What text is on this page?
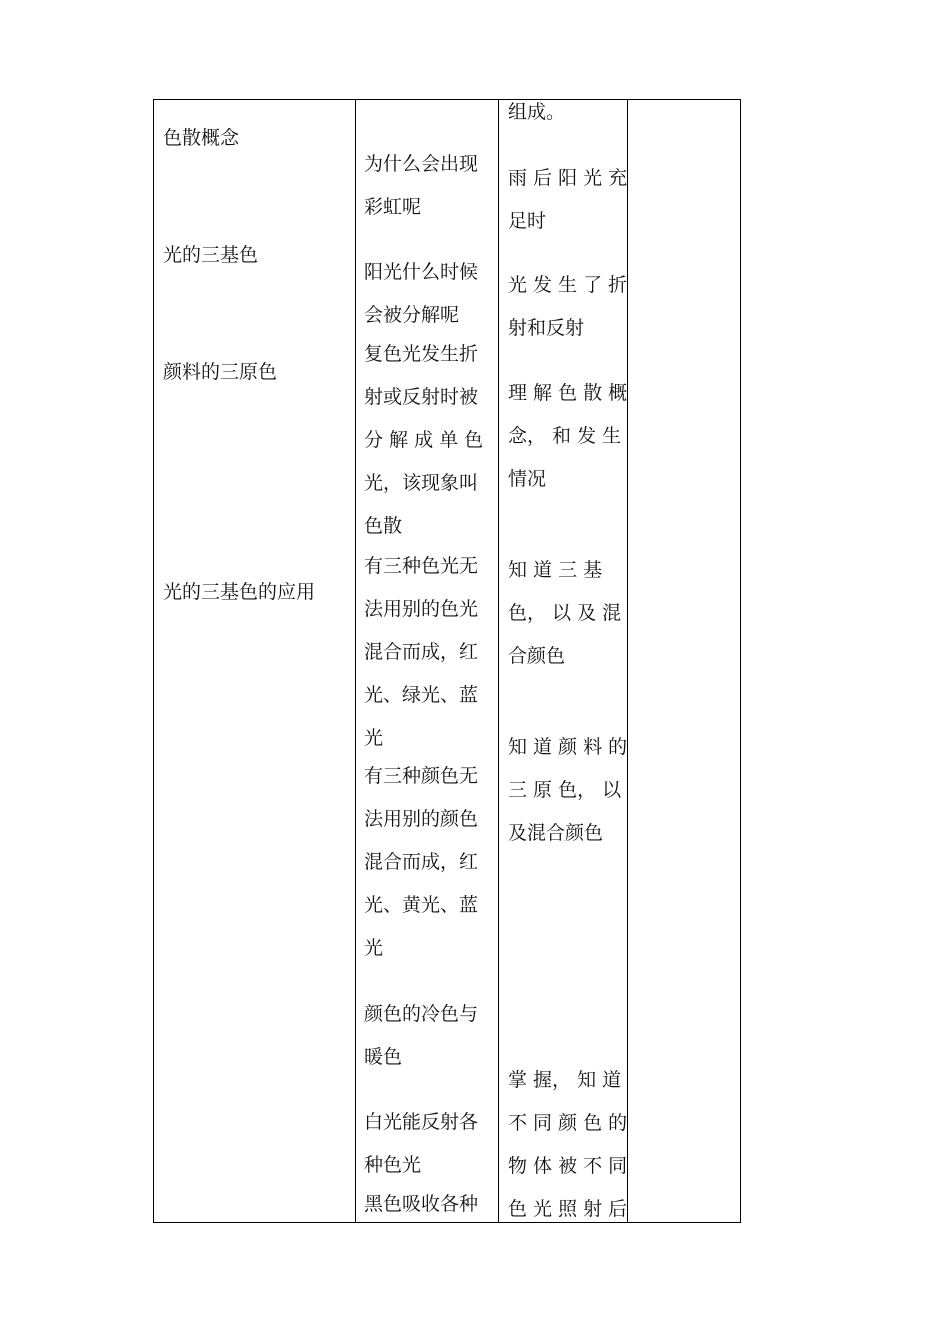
色散概念
光的三基色
颜料的三原色
光的三基色的应用
为什么会出现
彩虹呢
阳光什么时候
会被分解呢
复色光发生折
射或反射时被
分 解 成 单 色
光，该现象叫
色散
有三种色光无
法用别的色光
混合而成，红
光、绿光、蓝
光
有三种颜色无
法用别的颜色
混合而成，红
光、黄光、蓝
光
颜色的冷色与
暖色
白光能反射各
种色光
黑色吸收各种
组成。
雨 后 阳 光 充
足时
光 发 生 了 折
射和反射
理 解 色 散 概
念， 和 发 生
情况
知 道 三 基
色， 以 及 混
合颜色
知 道 颜 料 的
三 原 色， 以
及混合颜色
掌 握， 知 道
不 同 颜 色 的
物 体 被 不 同
色 光 照 射 后
